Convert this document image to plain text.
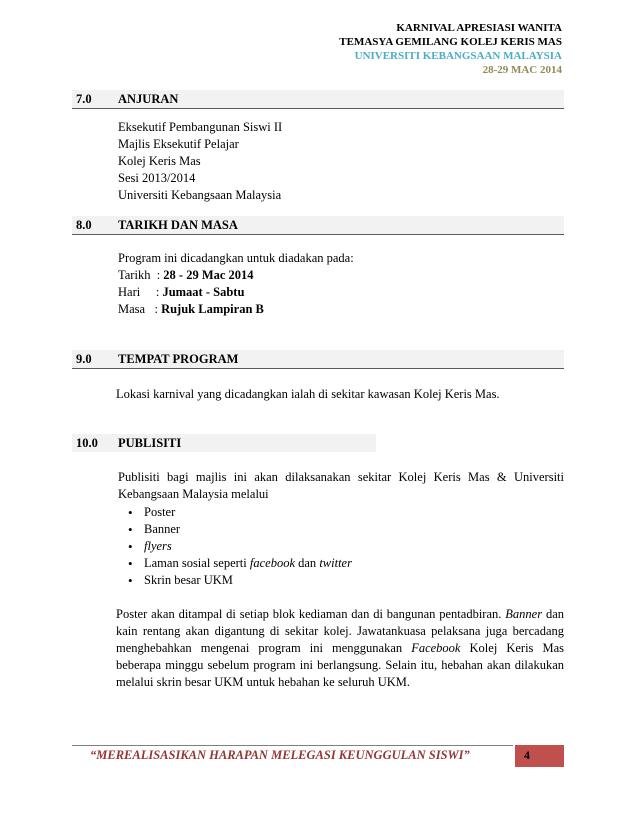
KARNIVAL APRESIASI WANITA
TEMASYA GEMILANG KOLEJ KERIS MAS
UNIVERSITI KEBANGSAAN MALAYSIA
28-29 MAC 2014
7.0 ANJURAN
Eksekutif Pembangunan Siswi II
Majlis Eksekutif Pelajar
Kolej Keris Mas
Sesi 2013/2014
Universiti Kebangsaan Malaysia
8.0 TARIKH DAN MASA
Program ini dicadangkan untuk diadakan pada:
Tarikh  : 28 - 29 Mac 2014
Hari     : Jumaat - Sabtu
Masa   : Rujuk Lampiran B
9.0 TEMPAT PROGRAM
Lokasi karnival yang dicadangkan ialah di sekitar kawasan Kolej Keris Mas.
10.0 PUBLISITI
Publisiti bagi majlis ini akan dilaksanakan sekitar Kolej Keris Mas & Universiti Kebangsaan Malaysia melalui
• Poster
• Banner
• flyers
• Laman sosial seperti facebook dan twitter
• Skrin besar UKM
Poster akan ditampal di setiap blok kediaman dan di bangunan pentadbiran. Banner dan kain rentang akan digantung di sekitar kolej. Jawatankuasa pelaksana juga bercadang menghebahkan mengenai program ini menggunakan Facebook Kolej Keris Mas beberapa minggu sebelum program ini berlangsung. Selain itu, hebahan akan dilakukan melalui skrin besar UKM untuk hebahan ke seluruh UKM.
“MEREALISASIKAN HARAPAN MELEGASI KEUNGGULAN SISWI”	4
